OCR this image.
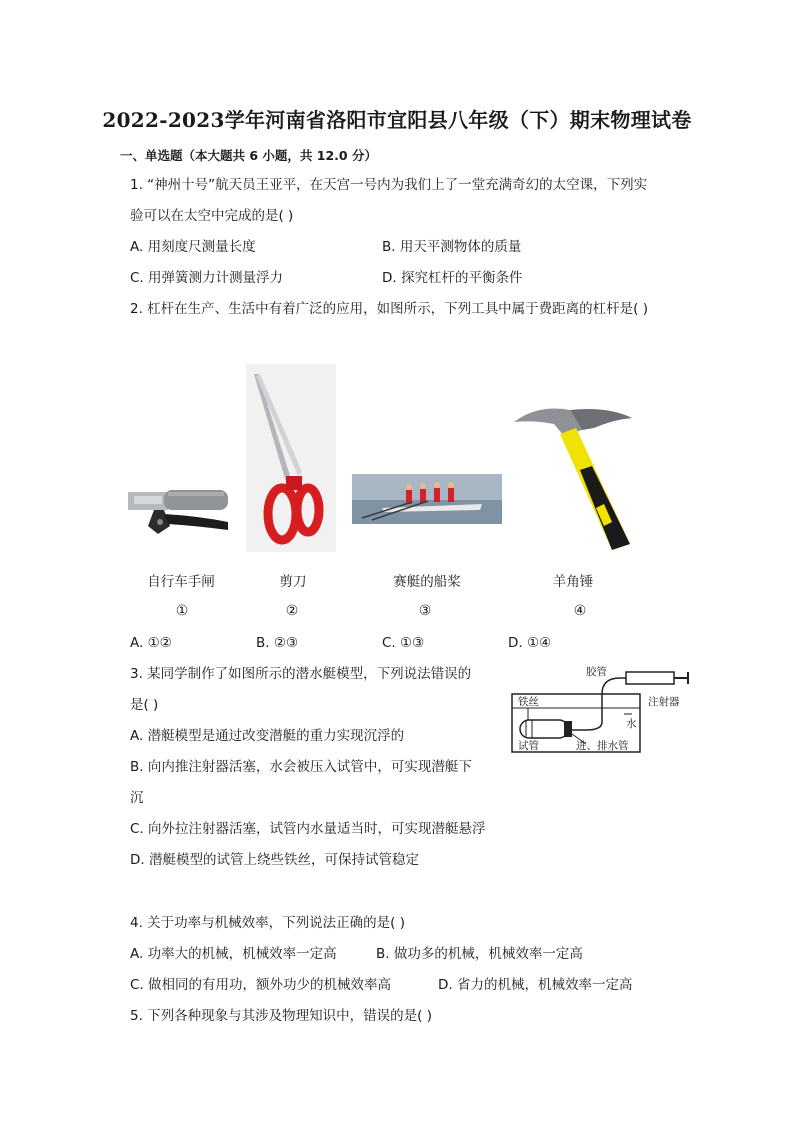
2022-2023学年河南省洛阳市宜阳县八年级（下）期末物理试卷
一、单选题（本大题共 6 小题，共 12.0 分）
1. “神州十号”航天员王亚平，在天宫一号内为我们上了一堂充满奇幻的太空课，下列实
验可以在太空中完成的是( )
A. 用刻度尺测量长度	B. 用天平测物体的质量
C. 用弹簧测力计测量浮力	D. 探究杠杆的平衡条件
2. 杠杆在生产、生活中有着广泛的应用，如图所示，下列工具中属于费距离的杠杆是( )
自行车手闸	剪刀	赛艇的船桨	羊角锤
①	②	③	④
A. ①②	B. ②③	C. ①③	D. ①④
3. 某同学制作了如图所示的潜水艇模型，下列说法错误的
是( )
A. 潜艇模型是通过改变潜艇的重力实现沉浮的
B. 向内推注射器活塞，水会被压入试管中，可实现潜艇下
沉
C. 向外拉注射器活塞，试管内水量适当时，可实现潜艇悬浮
D. 潜艇模型的试管上绕些铁丝，可保持试管稳定
胶管
注射器
铁丝
水
试管	进、排水管
4. 关于功率与机械效率，下列说法正确的是( )
A. 功率大的机械，机械效率一定高	B. 做功多的机械，机械效率一定高
C. 做相同的有用功，额外功少的机械效率高	D. 省力的机械，机械效率一定高
5. 下列各种现象与其涉及物理知识中，错误的是( )
